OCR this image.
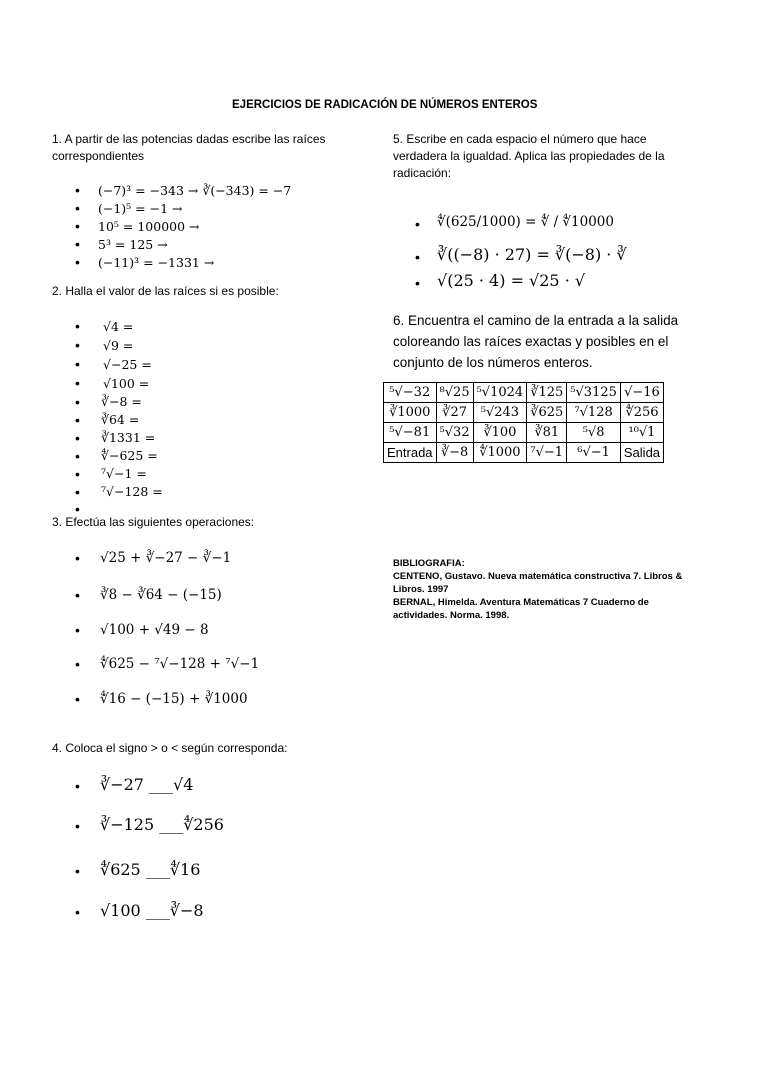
EJERCICIOS DE RADICACIÓN DE NÚMEROS ENTEROS
1. A partir de las potencias dadas escribe las raíces correspondientes
• (−7)³ = −343 → ∛(−343) = −7
• (−1)⁵ = −1 →
• 10⁵ = 100000 →
• 5³ = 125 →
• (−11)³ = −1331 →
2. Halla el valor de las raíces si es posible:
• √4 =
• √9 =
• √−25 =
• √100 =
• ∛−8 =
• ∛64 =
• ∛1331 =
• ∜−625 =
• ⁷√−1 =
• ⁷√−128 =
•
3. Efectúa las siguientes operaciones:
• √25 + ∛−27 − ∛−1
• ∛8 − ∛64 − (−15)
• √100 + √49 − 8
• ∜625 − ⁷√−128 + ⁷√−1
• ∜16 − (−15) + ∛1000
4. Coloca el signo > o < según corresponda:
• ∛−27 ___√4
• ∛−125 ___∜256
• ∜625 ___∜16
• √100 ___∛−8
5. Escribe en cada espacio el número que hace verdadera la igualdad. Aplica las propiedades de la radicación:
• ∜(625/1000) = ∜ / ∜10000
• ∛((−8) · 27) = ∛(−8) · ∛
• √(25 · 4) = √25 · √
6. Encuentra el camino de la entrada a la salida coloreando las raíces exactas y posibles en el conjunto de los números enteros.
⁵√−32	⁸√25	⁵√1024	∛125	⁵√3125	√−16
∛1000	∛27	⁵√243	∛625	⁷√128	∜256
⁵√−81	⁵√32	∛100	∛81	⁵√8	¹⁰√1
Entrada	∛−8	∜1000	⁷√−1	⁶√−1	Salida
BIBLIOGRAFIA:
CENTENO, Gustavo. Nueva matemática constructiva 7. Libros & Libros. 1997
BERNAL, Himelda. Aventura Matemáticas 7 Cuaderno de actividades. Norma. 1998.
